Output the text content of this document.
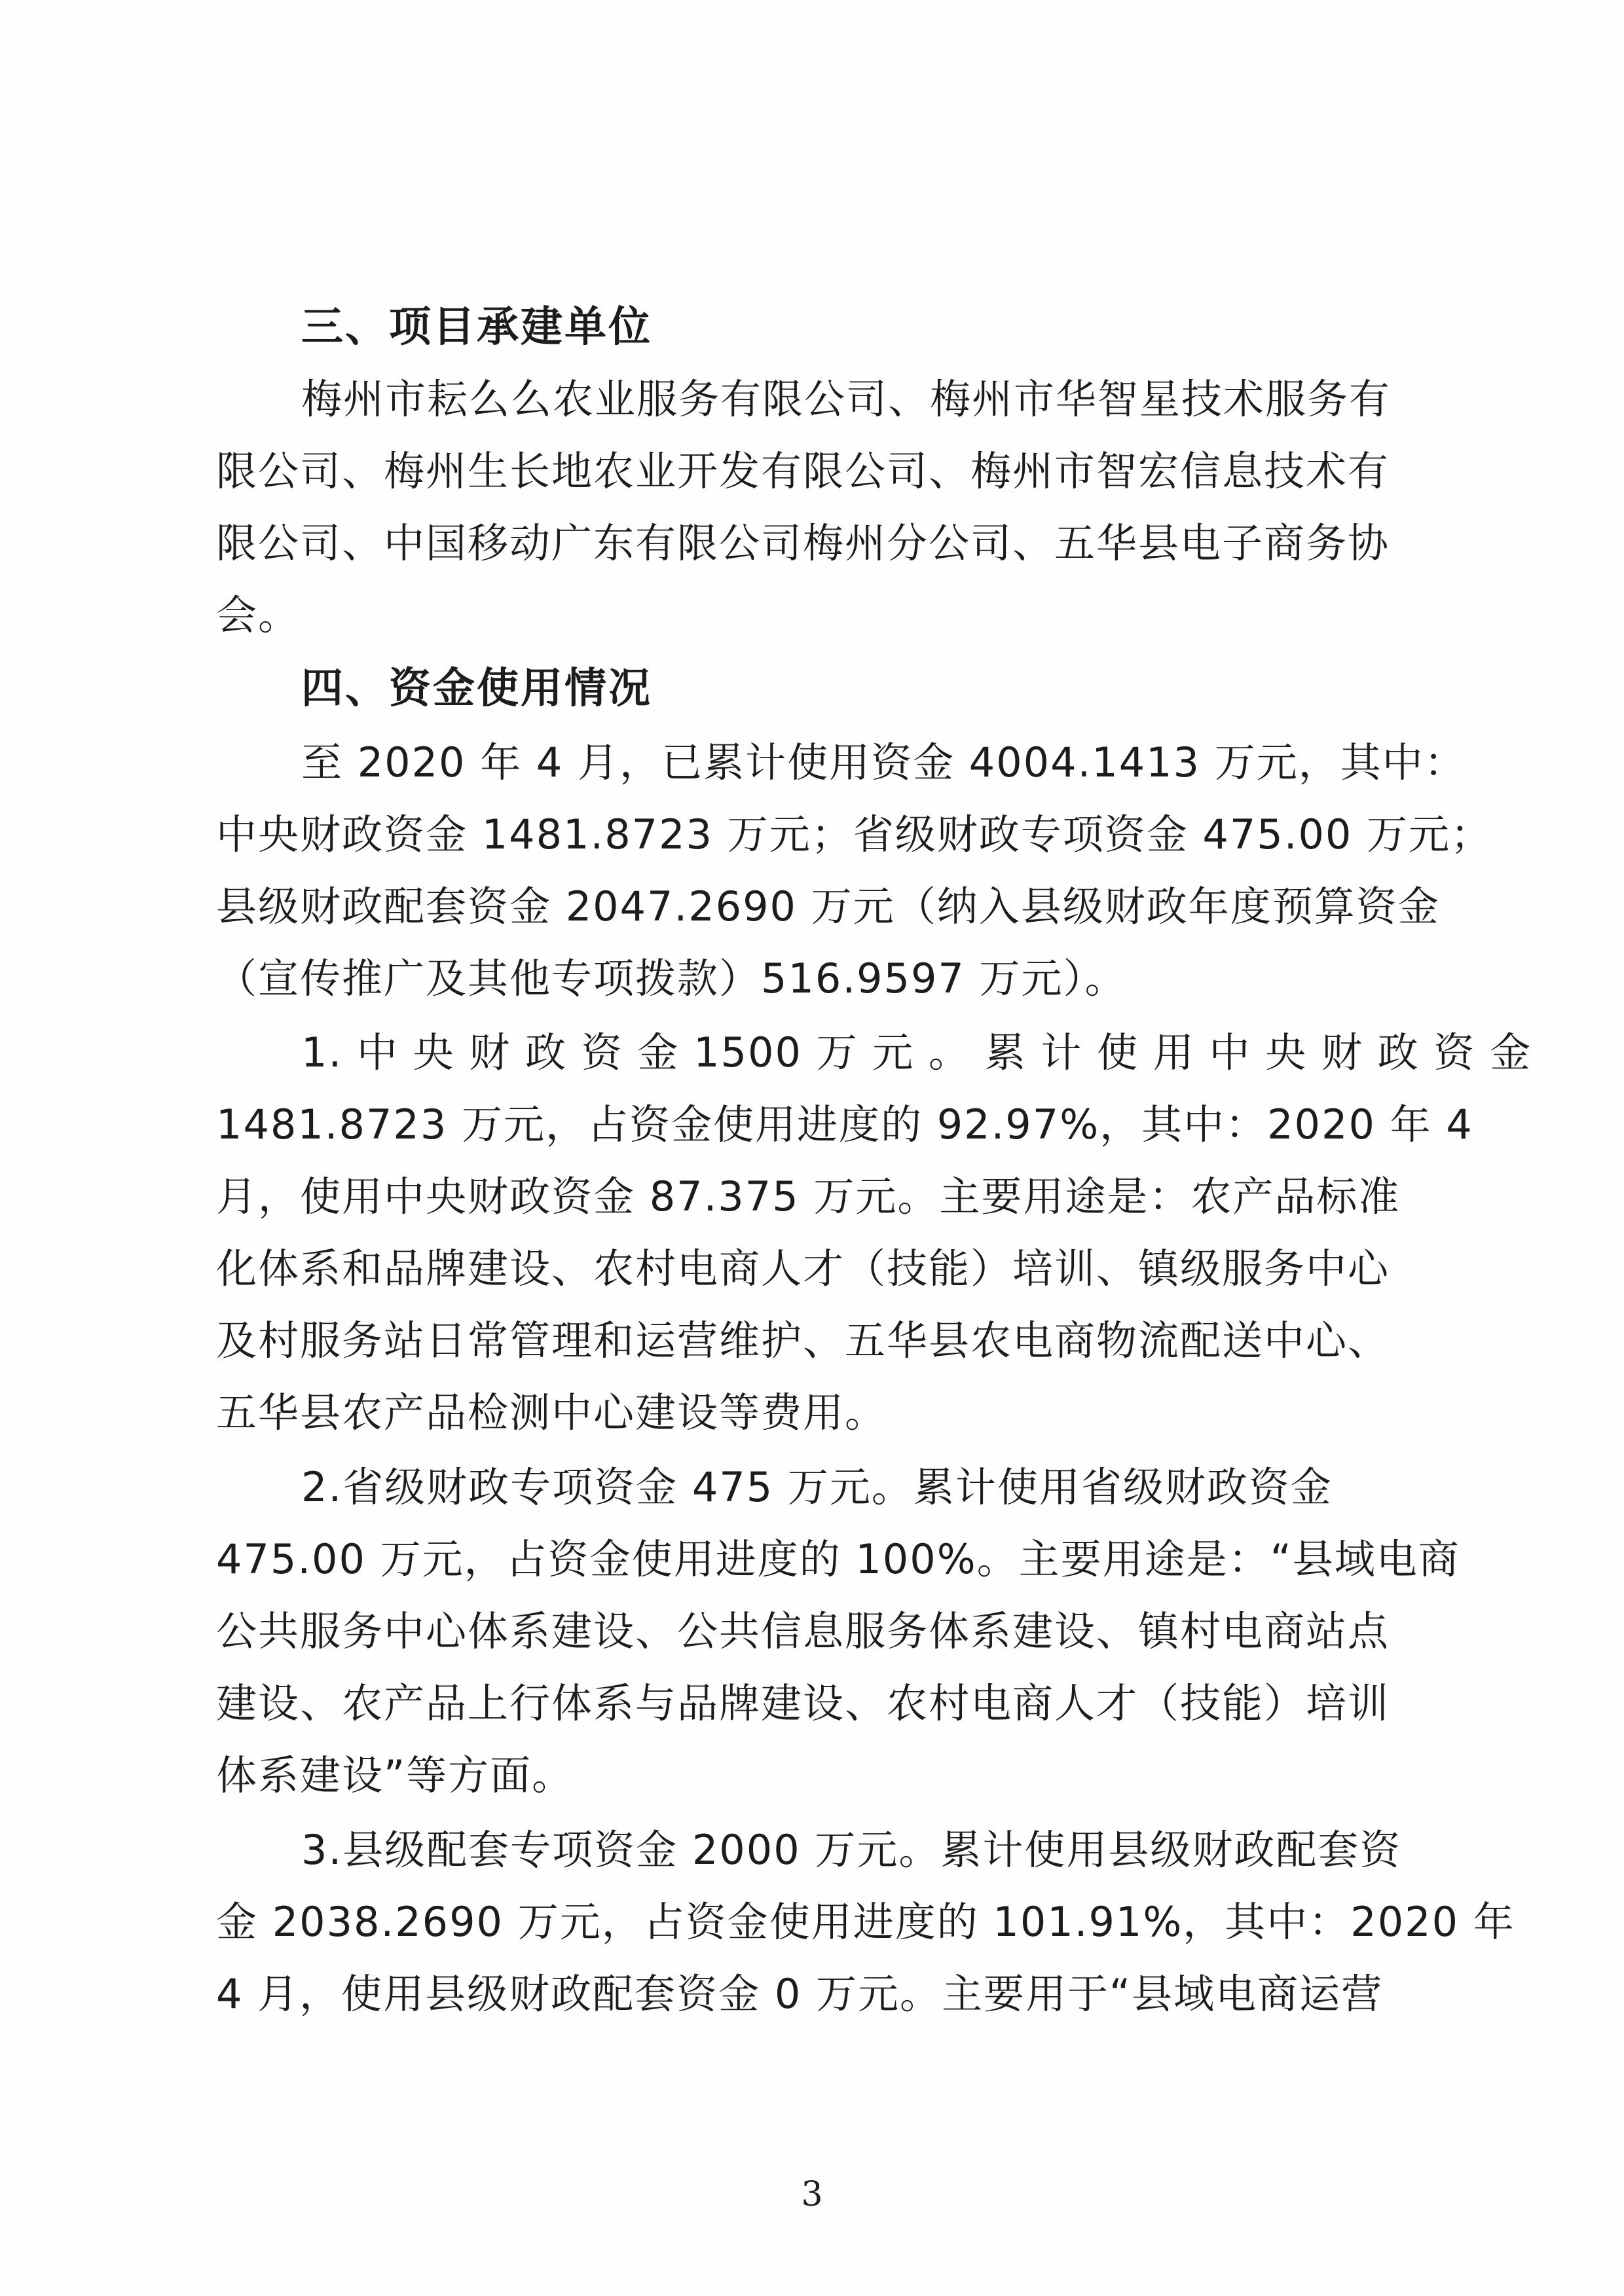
三、项目承建单位
梅州市耘么么农业服务有限公司、梅州市华智星技术服务有
限公司、梅州生长地农业开发有限公司、梅州市智宏信息技术有
限公司、中国移动广东有限公司梅州分公司、五华县电子商务协
会。
四、资金使用情况
至 2020 年 4 月，已累计使用资金 4004.1413 万元，其中：
中央财政资金 1481.8723 万元；省级财政专项资金 475.00 万元；
县级财政配套资金 2047.2690 万元（纳入县级财政年度预算资金
（宣传推广及其他专项拨款）516.9597 万元）。
1. 中 央 财 政 资 金 1500 万 元 。 累 计 使 用 中 央 财 政 资 金
1481.8723 万元，占资金使用进度的 92.97%，其中：2020 年 4
月，使用中央财政资金 87.375 万元。主要用途是：农产品标准
化体系和品牌建设、农村电商人才（技能）培训、镇级服务中心
及村服务站日常管理和运营维护、五华县农电商物流配送中心、
五华县农产品检测中心建设等费用。
2.省级财政专项资金 475 万元。累计使用省级财政资金
475.00 万元，占资金使用进度的 100%。主要用途是：“县域电商
公共服务中心体系建设、公共信息服务体系建设、镇村电商站点
建设、农产品上行体系与品牌建设、农村电商人才（技能）培训
体系建设”等方面。
3.县级配套专项资金 2000 万元。累计使用县级财政配套资
金 2038.2690 万元，占资金使用进度的 101.91%，其中：2020 年
4 月，使用县级财政配套资金 0 万元。主要用于“县域电商运营
3
